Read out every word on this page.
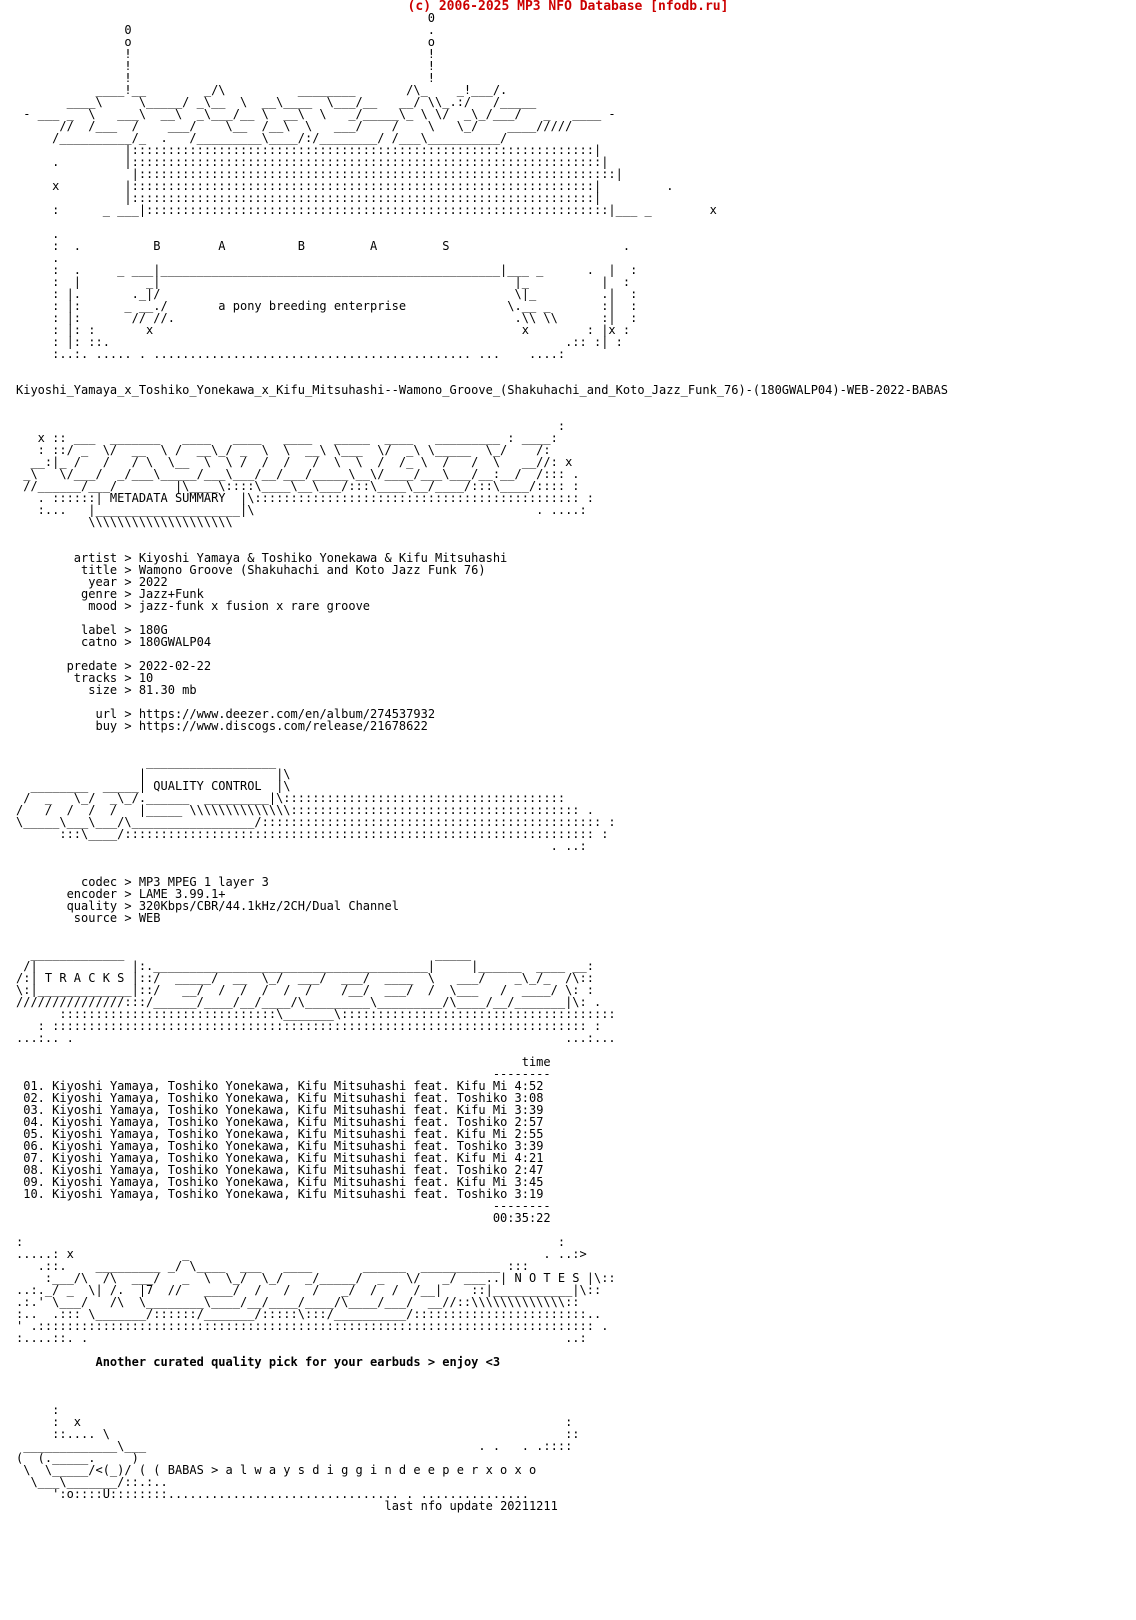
(c) 2006-2025 MP3 NFO Database [nfodb.ru]
0
0                                         .
o                                         o
!                                         !
!                                         !
!                                         !
____!__        _/\          ________       /\_    _!___/.
____\     \_____/ _\__  \  __\____  \___/__   __/ \\_.:/   /_____
- ___ _  \   ___\  __\  _\___/__ \  __\  \   _/_____\_ \ \/  _\_/___/   _   ____ -
//  /___  /    ___/    \__  /__\  \   ___/    /    \   \_/    ____/////
/__________/_  .   /_________\____/:/________/ /___\__________/
|::::::::::::::::::::::::::::::::::::::::::::::::::::::::::::::::|
.         |:::::::::::::::::::::::::::::::::::::::::::::::::::::::::::::::::|
|::::::::::::::::::::::::::::::::::::::::::::::::::::::::::::::::::|
x         |::::::::::::::::::::::::::::::::::::::::::::::::::::::::::::::::|         .
|::::::::::::::::::::::::::::::::::::::::::::::::::::::::::::::::|
:      _ ___|::::::::::::::::::::::::::::::::::::::::::::::::::::::::::::::::|___ _        x
.
:  .          B        A          B         A         S                        .
.
:  .     _ ___|_______________________________________________|___ _      .  |  :
:  |         _|                                                 |_          |  :
: |.       ._|/                                                 \|_         .|  :
: |:      _ __./       a pony breeding enterprise              \.__ _       :|  :
: |:       // //.                                               .\\ \\      :|  :
: |: :       x                                                   x        : |x :
: |: ::.                                                               .:: :| :
:..:. ..... . ............................................ ...    ....:
Kiyoshi_Yamaya_x_Toshiko_Yonekawa_x_Kifu_Mitsuhashi--Wamono_Groove_(Shakuhachi_and_Koto_Jazz_Funk_76)-(180GWALP04)-WEB-2022-BABAS
:
x :: ___  _______   ____   ____   ____   _____  ____   _________ : ____:
: ::/ _  \/  __  \ /  __\_/ _  \  \  __\ \___  \/  _\ \_____  \_/    /:
__:|_ /   /   / \  \__  \  \ /  /  /   /  \  \  /  /_ \  /   /  \   __//: x
_\   \/___/  _/___\_____/___\___/__/___/_____\__\/____/___\___/__:__/  /::: .
//______/___/        |\____\::::\____\__\___/:::\____\__/____/:::\____/:::: :
. ::::::| METADATA SUMMARY  |\::::::::::::::::::::::::::::::::::::::::::::: :
:...   |____________________|\                                       . ....:
\\\\\\\\\\\\\\\\\\\\
artist > Kiyoshi Yamaya & Toshiko Yonekawa & Kifu Mitsuhashi
title > Wamono Groove (Shakuhachi and Koto Jazz Funk 76)
year > 2022
genre > Jazz+Funk
mood > jazz-funk x fusion x rare groove
label > 180G
catno > 180GWALP04
predate > 2022-02-22
tracks > 10
size > 81.30 mb
url > https://www.deezer.com/en/album/274537932
buy > https://www.discogs.com/release/21678622
__________________
|                  |\
________  _____| QUALITY CONTROL  |\
/  _   \_/  _\_/.______  _________|\:::::::::::::::::::::::::::::::::::::::
/   /  /  /  /   |_____ \\\\\\\\\\\\\\:::::::::::::::::::::::::::::::::::::::: .
\_____\___\___/\_________________/::::::::::::::::::::::::::::::::::::::::::::::: :
:::\____/::::::::::::::::::::::::::::::::::::::::::::::::::::::::::::::::: :
. ..:
codec > MP3 MPEG 1 layer 3
encoder > LAME 3.99.1+
quality > 320Kbps/CBR/44.1kHz/2CH/Dual Channel
source > WEB
_____________                                           _____
/|             |:.______________________________________|     |______  ____ __:
/:| T R A C K S |::/  _____/  __  \_/  ___/  ___/  ____  \   ___/    _\_/_  /\::
\:|_____________|::/   __/  /  /  /  /  /    /__/  ___/  /  \___   /  ____/ \: :
///////////////:::/______/____/__/____/\_________\_________/\____/__/_______|\: .
::::::::::::::::::::::::::::::\_______\::::::::::::::::::::::::::::::::::::::
: :::::::::::::::::::::::::::::::::::::::::::::::::::::::::::::::::::::::::: :
...:.. .                                                                    ...:...
time
--------
01. Kiyoshi Yamaya, Toshiko Yonekawa, Kifu Mitsuhashi feat. Kifu Mi 4:52
02. Kiyoshi Yamaya, Toshiko Yonekawa, Kifu Mitsuhashi feat. Toshiko 3:08
03. Kiyoshi Yamaya, Toshiko Yonekawa, Kifu Mitsuhashi feat. Kifu Mi 3:39
04. Kiyoshi Yamaya, Toshiko Yonekawa, Kifu Mitsuhashi feat. Toshiko 2:57
05. Kiyoshi Yamaya, Toshiko Yonekawa, Kifu Mitsuhashi feat. Kifu Mi 2:55
06. Kiyoshi Yamaya, Toshiko Yonekawa, Kifu Mitsuhashi feat. Toshiko 3:39
07. Kiyoshi Yamaya, Toshiko Yonekawa, Kifu Mitsuhashi feat. Kifu Mi 4:21
08. Kiyoshi Yamaya, Toshiko Yonekawa, Kifu Mitsuhashi feat. Toshiko 2:47
09. Kiyoshi Yamaya, Toshiko Yonekawa, Kifu Mitsuhashi feat. Kifu Mi 3:45
10. Kiyoshi Yamaya, Toshiko Yonekawa, Kifu Mitsuhashi feat. Toshiko 3:19
--------
00:35:22
:                                                                          :
.....: x               _                                                 . ..:>
.::.    _________ _/ \____  ___   ____       ______  ___________ :::
:___/\  /\  ___/   _  \  \_/  \_/   _/_____/  _   \/   _/ ___..| N O T E S |\::
..:._/ _  \| /.  |7  //   ____/  /   /   /   _/  /  /  /__|    ::|___________|\::
.:.' \___/   /\  \________\____/__/____/____/\____/___/  __//::\\\\\\\\\\\\\::
:..  .::: \_______/::::::/_______/:::::\:::/__________/::::::::::::::::::::::::..
' .::::::::::::::::::::::::::::::::::::::::::::::::::::::::::::::::::::::::::::: .
:....::. .                                                                  ..:
Another curated quality pick for your earbuds > enjoy <3
:
:  x                                                                   :
::.... \                                                               ::
_____________\___                                              . .   . .::::
(  (._____.     )
\  \_____/<(_)/ ( ( BABAS > a l w a y s d i g g i n d e e p e r x o x o
\___\_______/::.:..
':o::::U::::::::................................ . ...............
last nfo update 20211211
